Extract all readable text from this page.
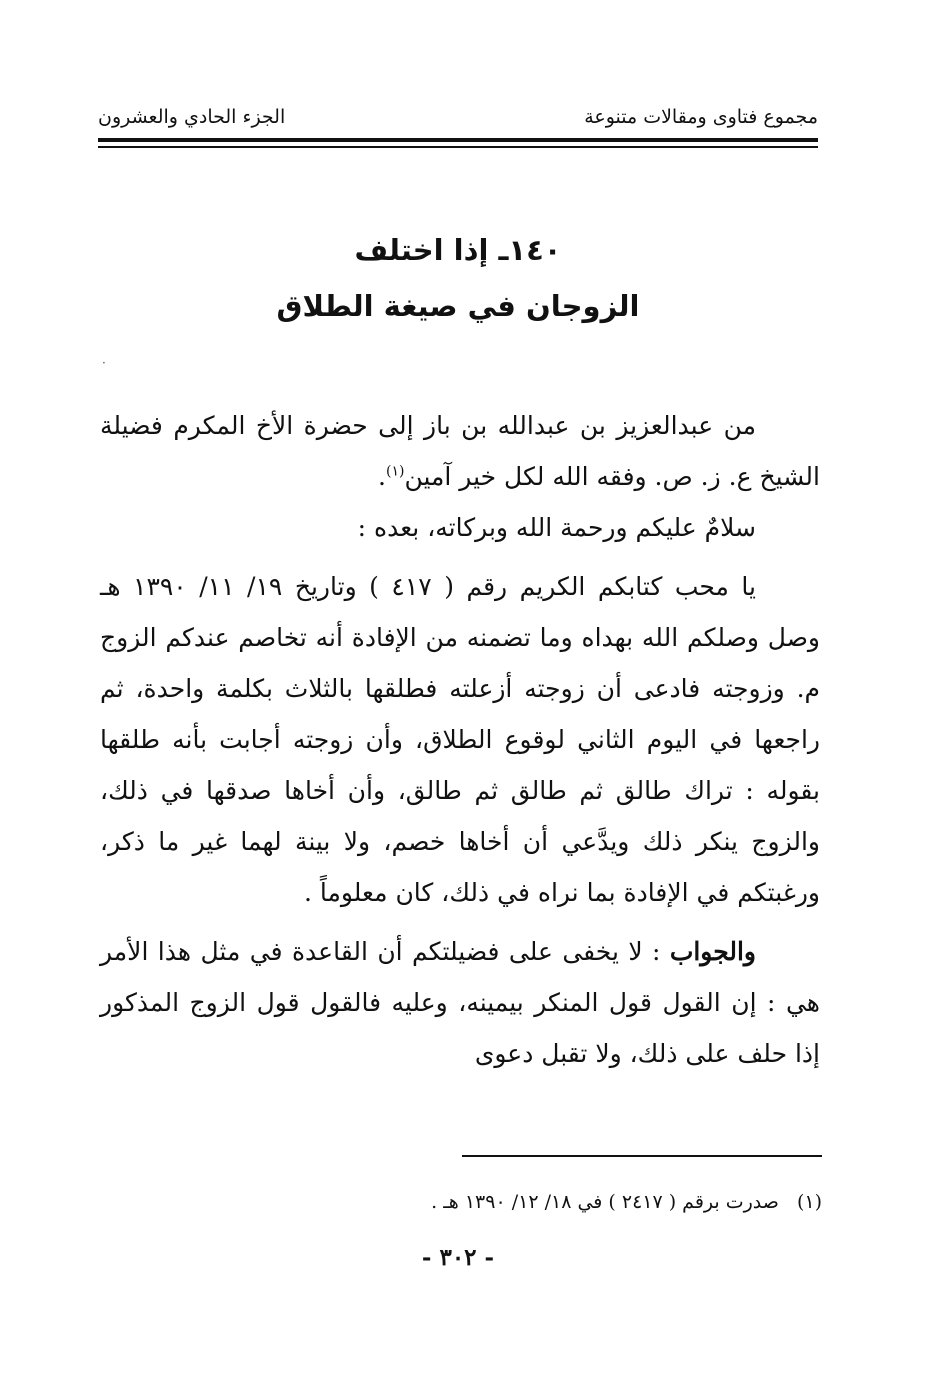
مجموع فتاوى ومقالات متنوعة
الجزء الحادي والعشرون
١٤٠ـ إذا اختلف
الزوجان في صيغة الطلاق
·

من عبدالعزيز بن عبدالله بن باز إلى حضرة الأخ المكرم فضيلة الشيخ ع. ز. ص. وفقه الله لكل خير آمين$^{(١)}$.

سلامٌ عليكم ورحمة الله وبركاته، بعده :

يا محب كتابكم الكريم رقم ( ٤١٧ ) وتاريخ ١٩/ ١١/ ١٣٩٠ هـ وصل وصلكم الله بهداه وما تضمنه من الإفادة أنه تخاصم عندكم الزوج م. وزوجته فادعى أن زوجته أزعلته فطلقها بالثلاث بكلمة واحدة، ثم راجعها في اليوم الثاني لوقوع الطلاق، وأن زوجته أجابت بأنه طلقها بقوله : تراك طالق ثم طالق ثم طالق، وأن أخاها صدقها في ذلك، والزوج ينكر ذلك ويدَّعي أن أخاها خصم، ولا بينة لهما غير ما ذكر، ورغبتكم في الإفادة بما نراه في ذلك، كان معلوماً .

والجواب : لا يخفى على فضيلتكم أن القاعدة في مثل هذا الأمر هي : إن القول قول المنكر بيمينه، وعليه فالقول قول الزوج المذكور إذا حلف على ذلك، ولا تقبل دعوى

(١) صدرت برقم ( ٢٤١٧ ) في ١٨/ ١٢/ ١٣٩٠ هـ .
- ٣٠٢ -
